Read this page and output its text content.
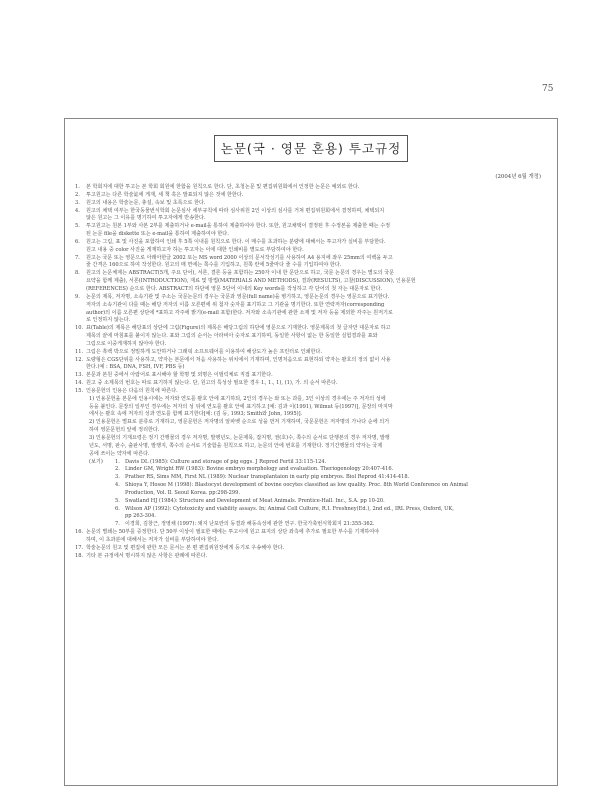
75
논문(국 · 영문 혼용) 투고규정
(2004년 6월 개정)
1.	본 학회지에 대한 투고는 본 학회 회원에 한함을 원칙으로 한다. 단, 초청논문 및 편집위원회에서 인정한 논문은 예외로 한다.
2.	투고원고는 다른 학술誌에 게재, 세 책 혹은 발표되지 않은 것에 한한다.
3.	원고의 내용은 학술논문, 총설, 속보 및 초록으로 한다.
4.	원고의 채택 여부는 한국동물번식학회 논문심사 세부규칙에 따라 심사위원 2인 이상의 심사를 거쳐 편집위원회에서 결정하며, 채택되지
않은 원고는 그 이유를 명기하여 투고자에게 반송한다.
5.	투고원고는 원본 1부와 사본 2부를 제출하거나 e-mail을 통하여 제출하여야 한다. 또한, 원고채택이 결정된 후 수정본을 제출한 때는 수정
된 논문 file을 diskette 또는 e-mail을 통하여 제출하여야 한다.
6.	원고는 그림, 표 및 사진을 포함하여 인쇄 후 5쪽 이내를 원칙으로 한다. 이 매수를 초과하는 분량에 대해서는 투고자가 실비를 부담한다.
원고 내용 중 color 사진을 게재하고자 하는 투고자는 이에 대한 인쇄비를 별도로 부담하여야 한다.
7.	원고는 국문 또는 영문으로 아래아한글 2002 또는 MS word 2000 이상의 문서작성기를 사용하여 A4 용지에 좌우 25mm의 여백을 두고
줄 간격은 160으로 하여 작성한다. 원고의 매 면에는 쪽수를 기입하고, 원쪽 란에 5줄마다 줄 수를 기입하여야 한다.
8.	원고의 논문체제는 ABSTRACT(5개, 주요 단어), 서론, 결론 등을 포함하는 250자 이내 한 문단으로 하고, 국문 논문의 경우는 별도의 국문
요약을 함께 제출), 서론(INTRODUCTION), 재료 및 방법(MATERIALS AND METHODS), 결과(RESULTS), 고찰(DISCUSSION), 인용문헌
(REFERENCES) 순으로 한다. ABSTRACT의 하단에 영문 5단어 이내의 Key words를 작성하고 각 단어의 첫 자는 대문자로 한다.
9.	논문의 제목, 저자명, 소속기관 및 주소는 국문논문의 경우는 국문과 영문(full name)을 병기하고, 영문논문의 경우는 영문으로 표기한다.
저자의 소속기관이 다를 때는 해당 저자의 이름 오른편에 위 첨자 숫자를 표기하고 그 기관을 명기한다. 또한 연락저자(corresponding
author)의 이름 오른편 상단에 *표하고 각주에 밝기(e-mail 포함)한다. 저자와 소속기관에 관한 소재 및 저자 등을 제외한 각주는 원저기로
로 인정하지 않는다.
10. 표(Table)의 제목은 해당표의 상단에 그림(Figure)의 제목은 해당그림의 하단에 영문으로 기재한다. 영문제목의 첫 글자만 대문자로 하고
제목의 끝에 마침표를 붙이지 않는다. 표와 그림의 순서는 아라비아 숫자로 표기하며, 동일한 사항이 없는 한 동일한 실험결과를 표와
그림으로 이중게재하지 않아야 한다.
11. 그림은 흑백 박으로 정밀하게 도안하거나 그래픽 소프트웨어를 이용하여 해상도가 높은 프린터로 인쇄한다.
12. 도량형은 CGS단위를 사용하고, 약자는 본문에서 처음 사용하는 위치에서 기재하며, 인명처음으로 표현하되 약자는 괄호의 정의 없이 사용
한다.(예 : BSA, DNA, FSH, IVF, PBS 등)
13. 본문과 본원 중에서 아랍어로 표시해야 할 학명 및 외명은 이탤릭체로 직접 표기한다.
14. 원고 중 소제목의 번호는 따로 표기하지 않는다. 단, 원고의 특성상 필요한 경우 I., 1., 1), (1), 가. 의 순서 따른다.
15. 인용문헌의 인용은 다음의 원칙에 따른다.
1) 인용문헌을 본문에 인용시에는 저자와 연도를 괄호 안에 표기하되, 2인의 경우는 와 또는 과를, 3인 이상의 경우에는 주 저자의 성에
등을 붙인다. 문장의 일부인 경우에는 저자의 성 뒤에 연도를 괄호 안에 표기하고 [예: 김과 이(1991), Wilmut 등(1997)], 문장의 마지막
에서는 괄호 속에 저자의 성과 연도를 함께 표기한다[예: (김 등, 1993; Smith와 John, 1995)].
2) 인용문헌은 별표로 분류로 기재하고, 영문문헌은 저자명의 알파벳 순으로 성을 먼저 기재하며, 국문문헌은 저자명의 가나다 순에 의거
하여 영문문헌의 앞에 정리한다.
3) 인용문헌의 기재요령은 정기 간행물의 경우 저자명, 발행년도, 논문제목, 잡지명, 권(호)수, 쪽수의 순서로 단행본의 경우 저자명, 발행
년도, 서명, 판수, 출판사명, 발행지, 쪽수의 순서로 기술함을 원칙으로 하고, 논문의 안에 번호를 기재한다. 정기간행물의 약자는 국제
공에 쓰이는 약자에 따른다.
(보기)	1.	Davis DL (1985): Culture and storage of pig eggs. J Reprod Fertil 33:115-124.
2.	Linder GM, Wright RW (1983): Bovine embryo morphology and evaluation. Theriogenology 20:407-416.
3.	Prather RS, Sims MM, First NL (1989): Nuclear transplantaion in early pig embryos. Biol Reprod 41:414-418.
4.	Shioya Y, Hosoe M (1998): Blastocyst development of bovine oocytes classified as low quality. Proc. 8th World Conference on Animal
Production, Vol. Ⅱ. Seoul Korea. pp:298-299.
5.	Swatland HJ (1984): Structure and Development of Meat Animals. Prentice-Hall. Inc., S.A. pp 10-20.
6.	Wilson AP (1992): Cytotoxicity and viability assays. In; Animal Cell Culture, R.I. Freshney(Ed.), 2nd ed., IRL Press, Oxford, UK,
pp 263-304.
7.	이경희, 김창근, 정영채 (1997): 돼지 난포란의 동결과 해동속성에 관한 연구. 한국가축번식학회지 21:355-362.
16. 논문의 별쇄는 50부를 증정한다. 단 50부 이상이 필요한 때에는 투고시에 원고 표지의 상단 좌측에 추가로 필요한 부수를 기재하여야
하며, 이 초과분에 대해서는 저자가 실비를 부담하여야 한다.
17. 학술논문의 원고 및 편집에 관한 모든 문서는 본 편 편집위원장에게 등기로 우송해야 한다.
18. 기타 본 규정에서 명시하지 않은 사항은 관례에 따른다.
